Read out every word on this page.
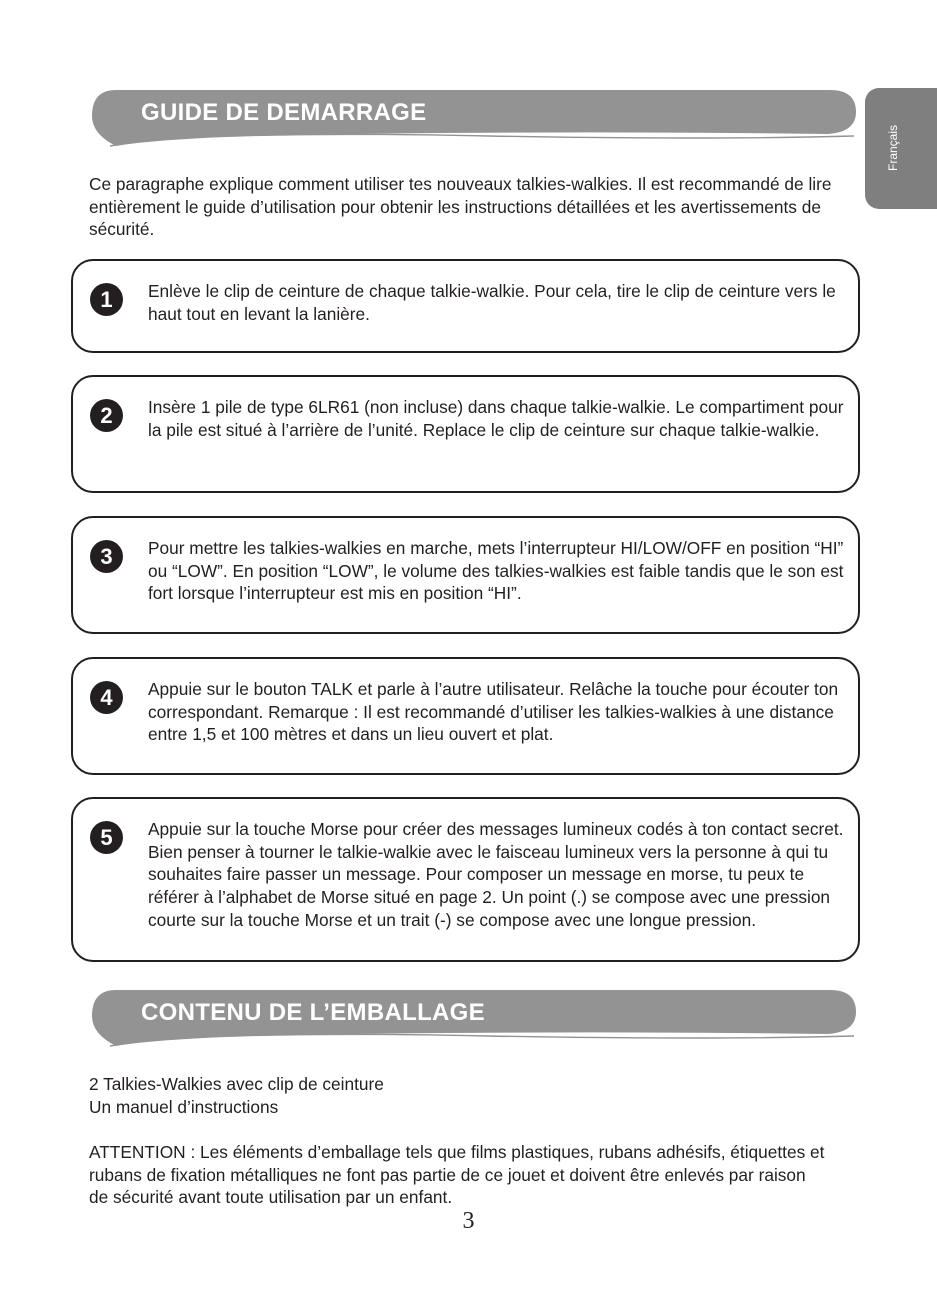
Français
GUIDE DE DEMARRAGE

Ce paragraphe explique comment utiliser tes nouveaux talkies-walkies. Il est recommandé de lire entièrement le guide d’utilisation pour obtenir les instructions détaillées et les avertissements de sécurité.

1	Enlève le clip de ceinture de chaque talkie-walkie. Pour cela, tire le clip de ceinture vers le haut tout en levant la lanière.

2	Insère 1 pile de type 6LR61 (non incluse) dans chaque talkie-walkie. Le compartiment pour la pile est situé à l’arrière de l’unité. Replace le clip de ceinture sur chaque talkie-walkie.

3	Pour mettre les talkies-walkies en marche, mets l’interrupteur HI/LOW/OFF en position “HI” ou “LOW”. En position “LOW”, le volume des talkies-walkies est faible tandis que le son est fort lorsque l’interrupteur est mis en position “HI”.

4	Appuie sur le bouton TALK et parle à l’autre utilisateur. Relâche la touche pour écouter ton correspondant. Remarque : Il est recommandé d’utiliser les talkies-walkies à une distance entre 1,5 et 100 mètres et dans un lieu ouvert et plat.

5	Appuie sur la touche Morse pour créer des messages lumineux codés à ton contact secret. Bien penser à tourner le talkie-walkie avec le faisceau lumineux vers la personne à qui tu souhaites faire passer un message. Pour composer un message en morse, tu peux te référer à l’alphabet de Morse situé en page 2. Un point (.) se compose avec une pression courte sur la touche Morse et un trait (-) se compose avec une longue pression.

CONTENU DE L’EMBALLAGE

2 Talkies-Walkies avec clip de ceinture

Un manuel d’instructions

ATTENTION : Les éléments d’emballage tels que films plastiques, rubans adhésifs, étiquettes et rubans de fixation métalliques ne font pas partie de ce jouet et doivent être enlevés par raison de sécurité avant toute utilisation par un enfant.

3
